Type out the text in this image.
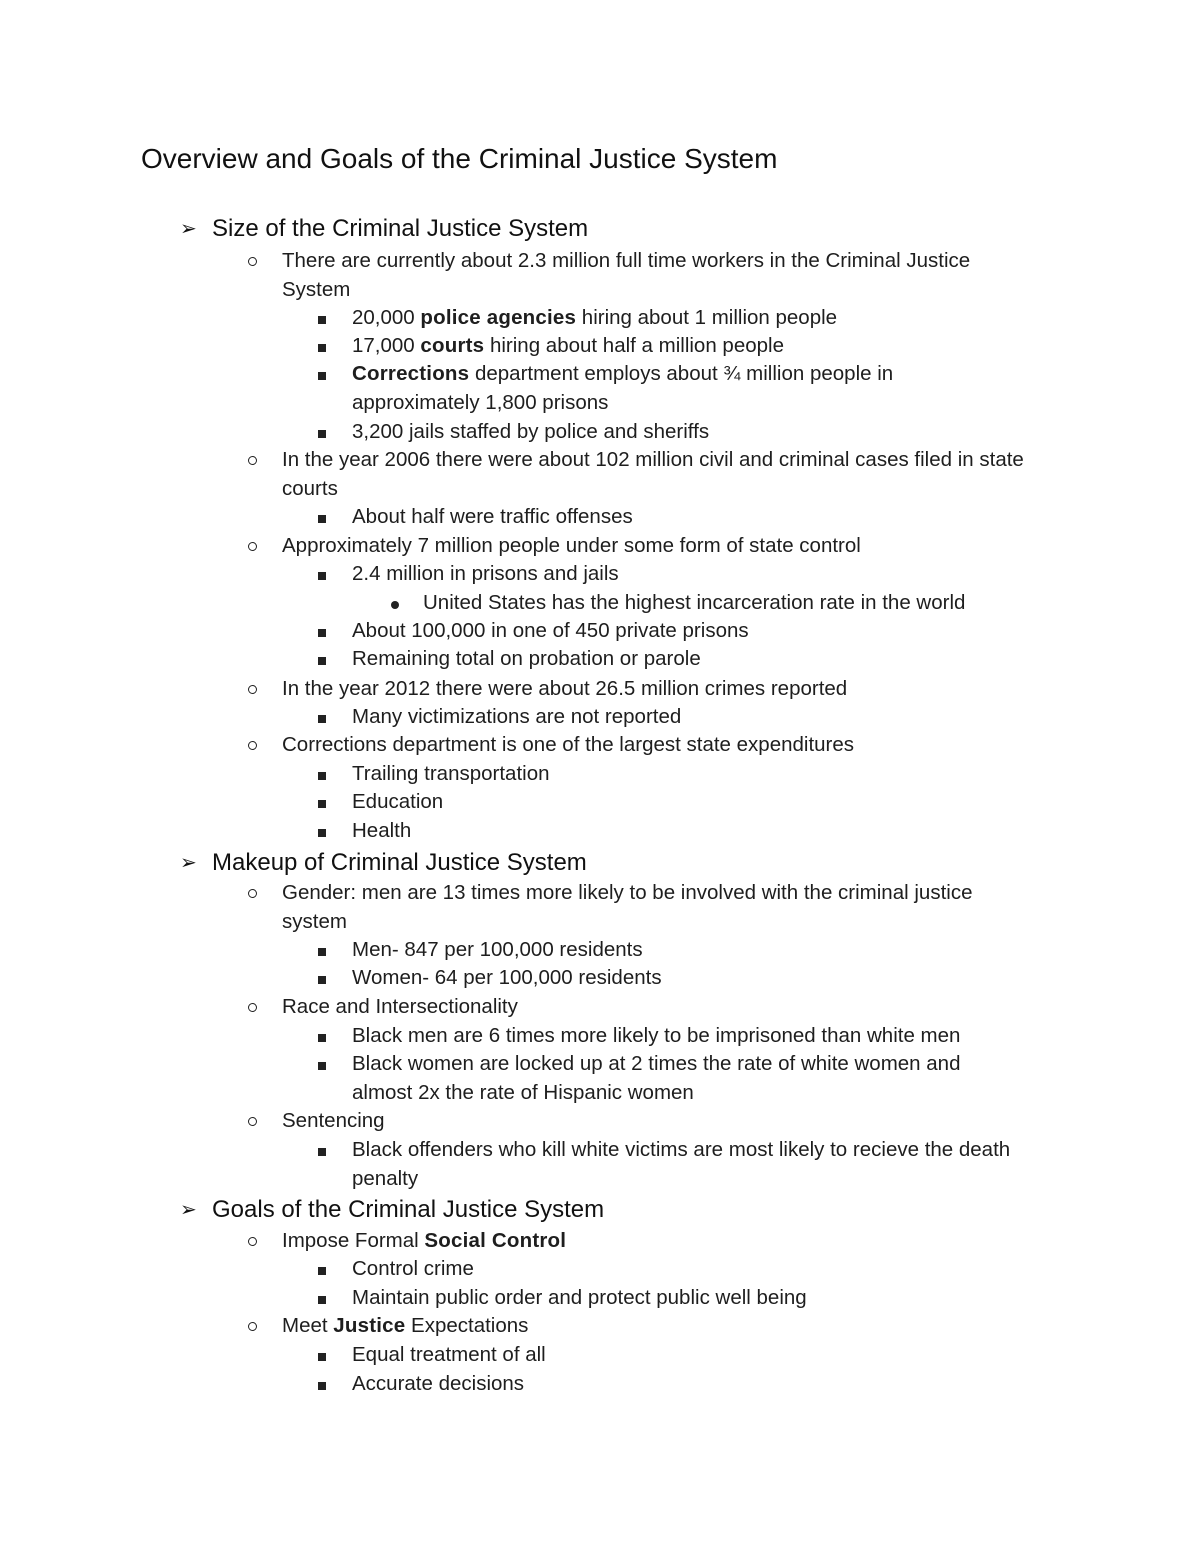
Overview and Goals of the Criminal Justice System
➢ Size of the Criminal Justice System
There are currently about 2.3 million full time workers in the Criminal Justice System
20,000 police agencies hiring about 1 million people
17,000 courts hiring about half a million people
Corrections department employs about ¾ million people in approximately 1,800 prisons
3,200 jails staffed by police and sheriffs
In the year 2006 there were about 102 million civil and criminal cases filed in state courts
About half were traffic offenses
Approximately 7 million people under some form of state control
2.4 million in prisons and jails
United States has the highest incarceration rate in the world
About 100,000 in one of 450 private prisons
Remaining total on probation or parole
In the year 2012 there were about 26.5 million crimes reported
Many victimizations are not reported
Corrections department is one of the largest state expenditures
Trailing transportation
Education
Health
➢ Makeup of Criminal Justice System
Gender: men are 13 times more likely to be involved with the criminal justice system
Men- 847 per 100,000 residents
Women- 64 per 100,000 residents
Race and Intersectionality
Black men are 6 times more likely to be imprisoned than white men
Black women are locked up at 2 times the rate of white women and almost 2x the rate of Hispanic women
Sentencing
Black offenders who kill white victims are most likely to recieve the death penalty
➢ Goals of the Criminal Justice System
Impose Formal Social Control
Control crime
Maintain public order and protect public well being
Meet Justice Expectations
Equal treatment of all
Accurate decisions
